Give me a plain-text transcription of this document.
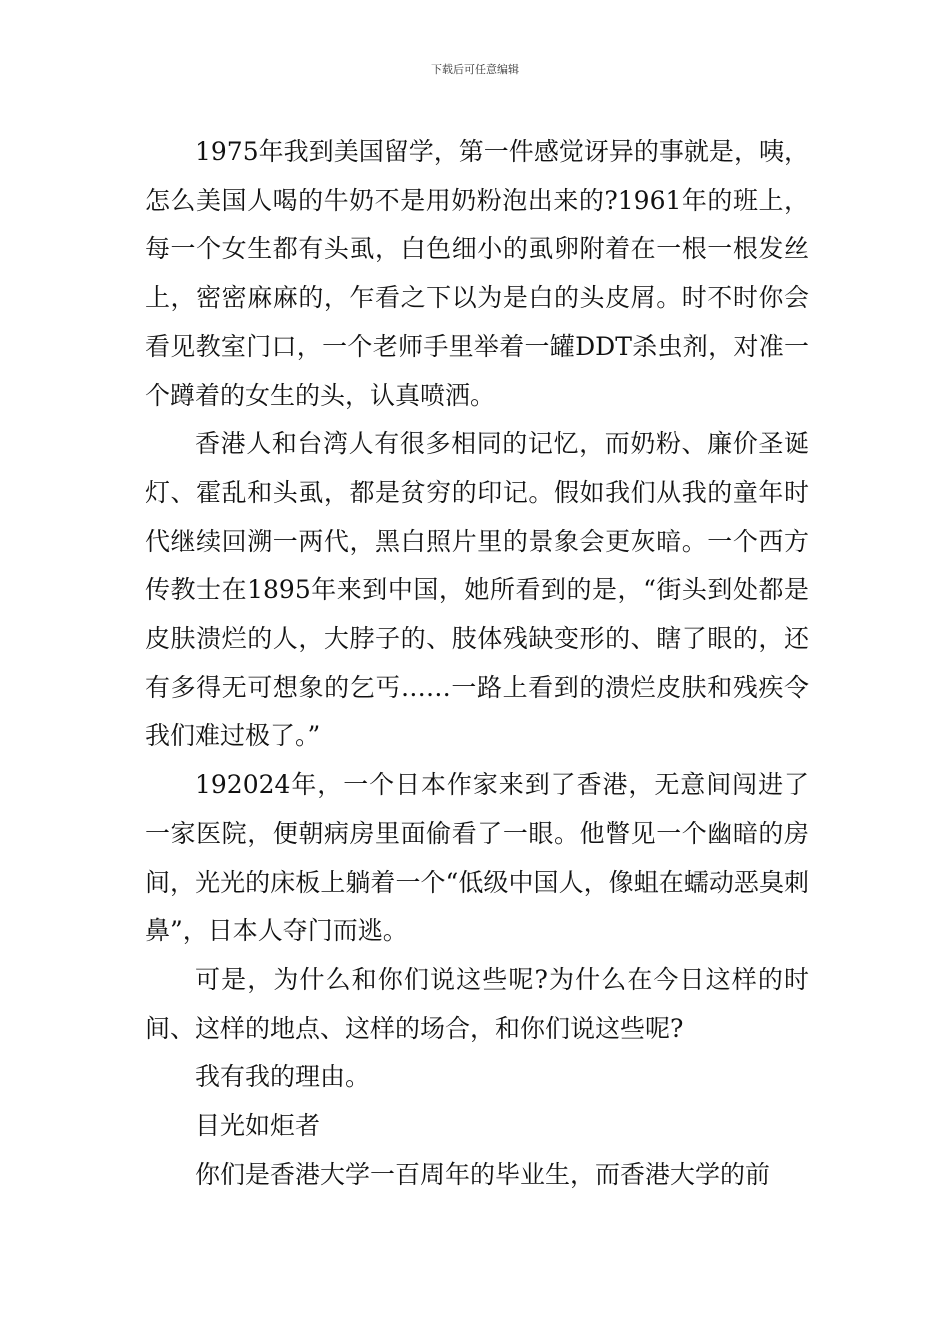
下载后可任意编辑

1975年我到美国留学，第一件感觉讶异的事就是，咦，怎么美国人喝的牛奶不是用奶粉泡出来的?1961年的班上，每一个女生都有头虱，白色细小的虱卵附着在一根一根发丝上，密密麻麻的，乍看之下以为是白的头皮屑。时不时你会看见教室门口，一个老师手里举着一罐DDT杀虫剂，对准一个蹲着的女生的头，认真喷洒。

香港人和台湾人有很多相同的记忆，而奶粉、廉价圣诞灯、霍乱和头虱，都是贫穷的印记。假如我们从我的童年时代继续回溯一两代，黑白照片里的景象会更灰暗。一个西方传教士在1895年来到中国，她所看到的是，“街头到处都是皮肤溃烂的人，大脖子的、肢体残缺变形的、瞎了眼的，还有多得无可想象的乞丐……一路上看到的溃烂皮肤和残疾令我们难过极了。”

192024年，一个日本作家来到了香港，无意间闯进了一家医院，便朝病房里面偷看了一眼。他瞥见一个幽暗的房间，光光的床板上躺着一个“低级中国人，像蛆在蠕动恶臭刺鼻”，日本人夺门而逃。

可是，为什么和你们说这些呢?为什么在今日这样的时间、这样的地点、这样的场合，和你们说这些呢?

我有我的理由。

目光如炬者

你们是香港大学一百周年的毕业生，而香港大学的前
